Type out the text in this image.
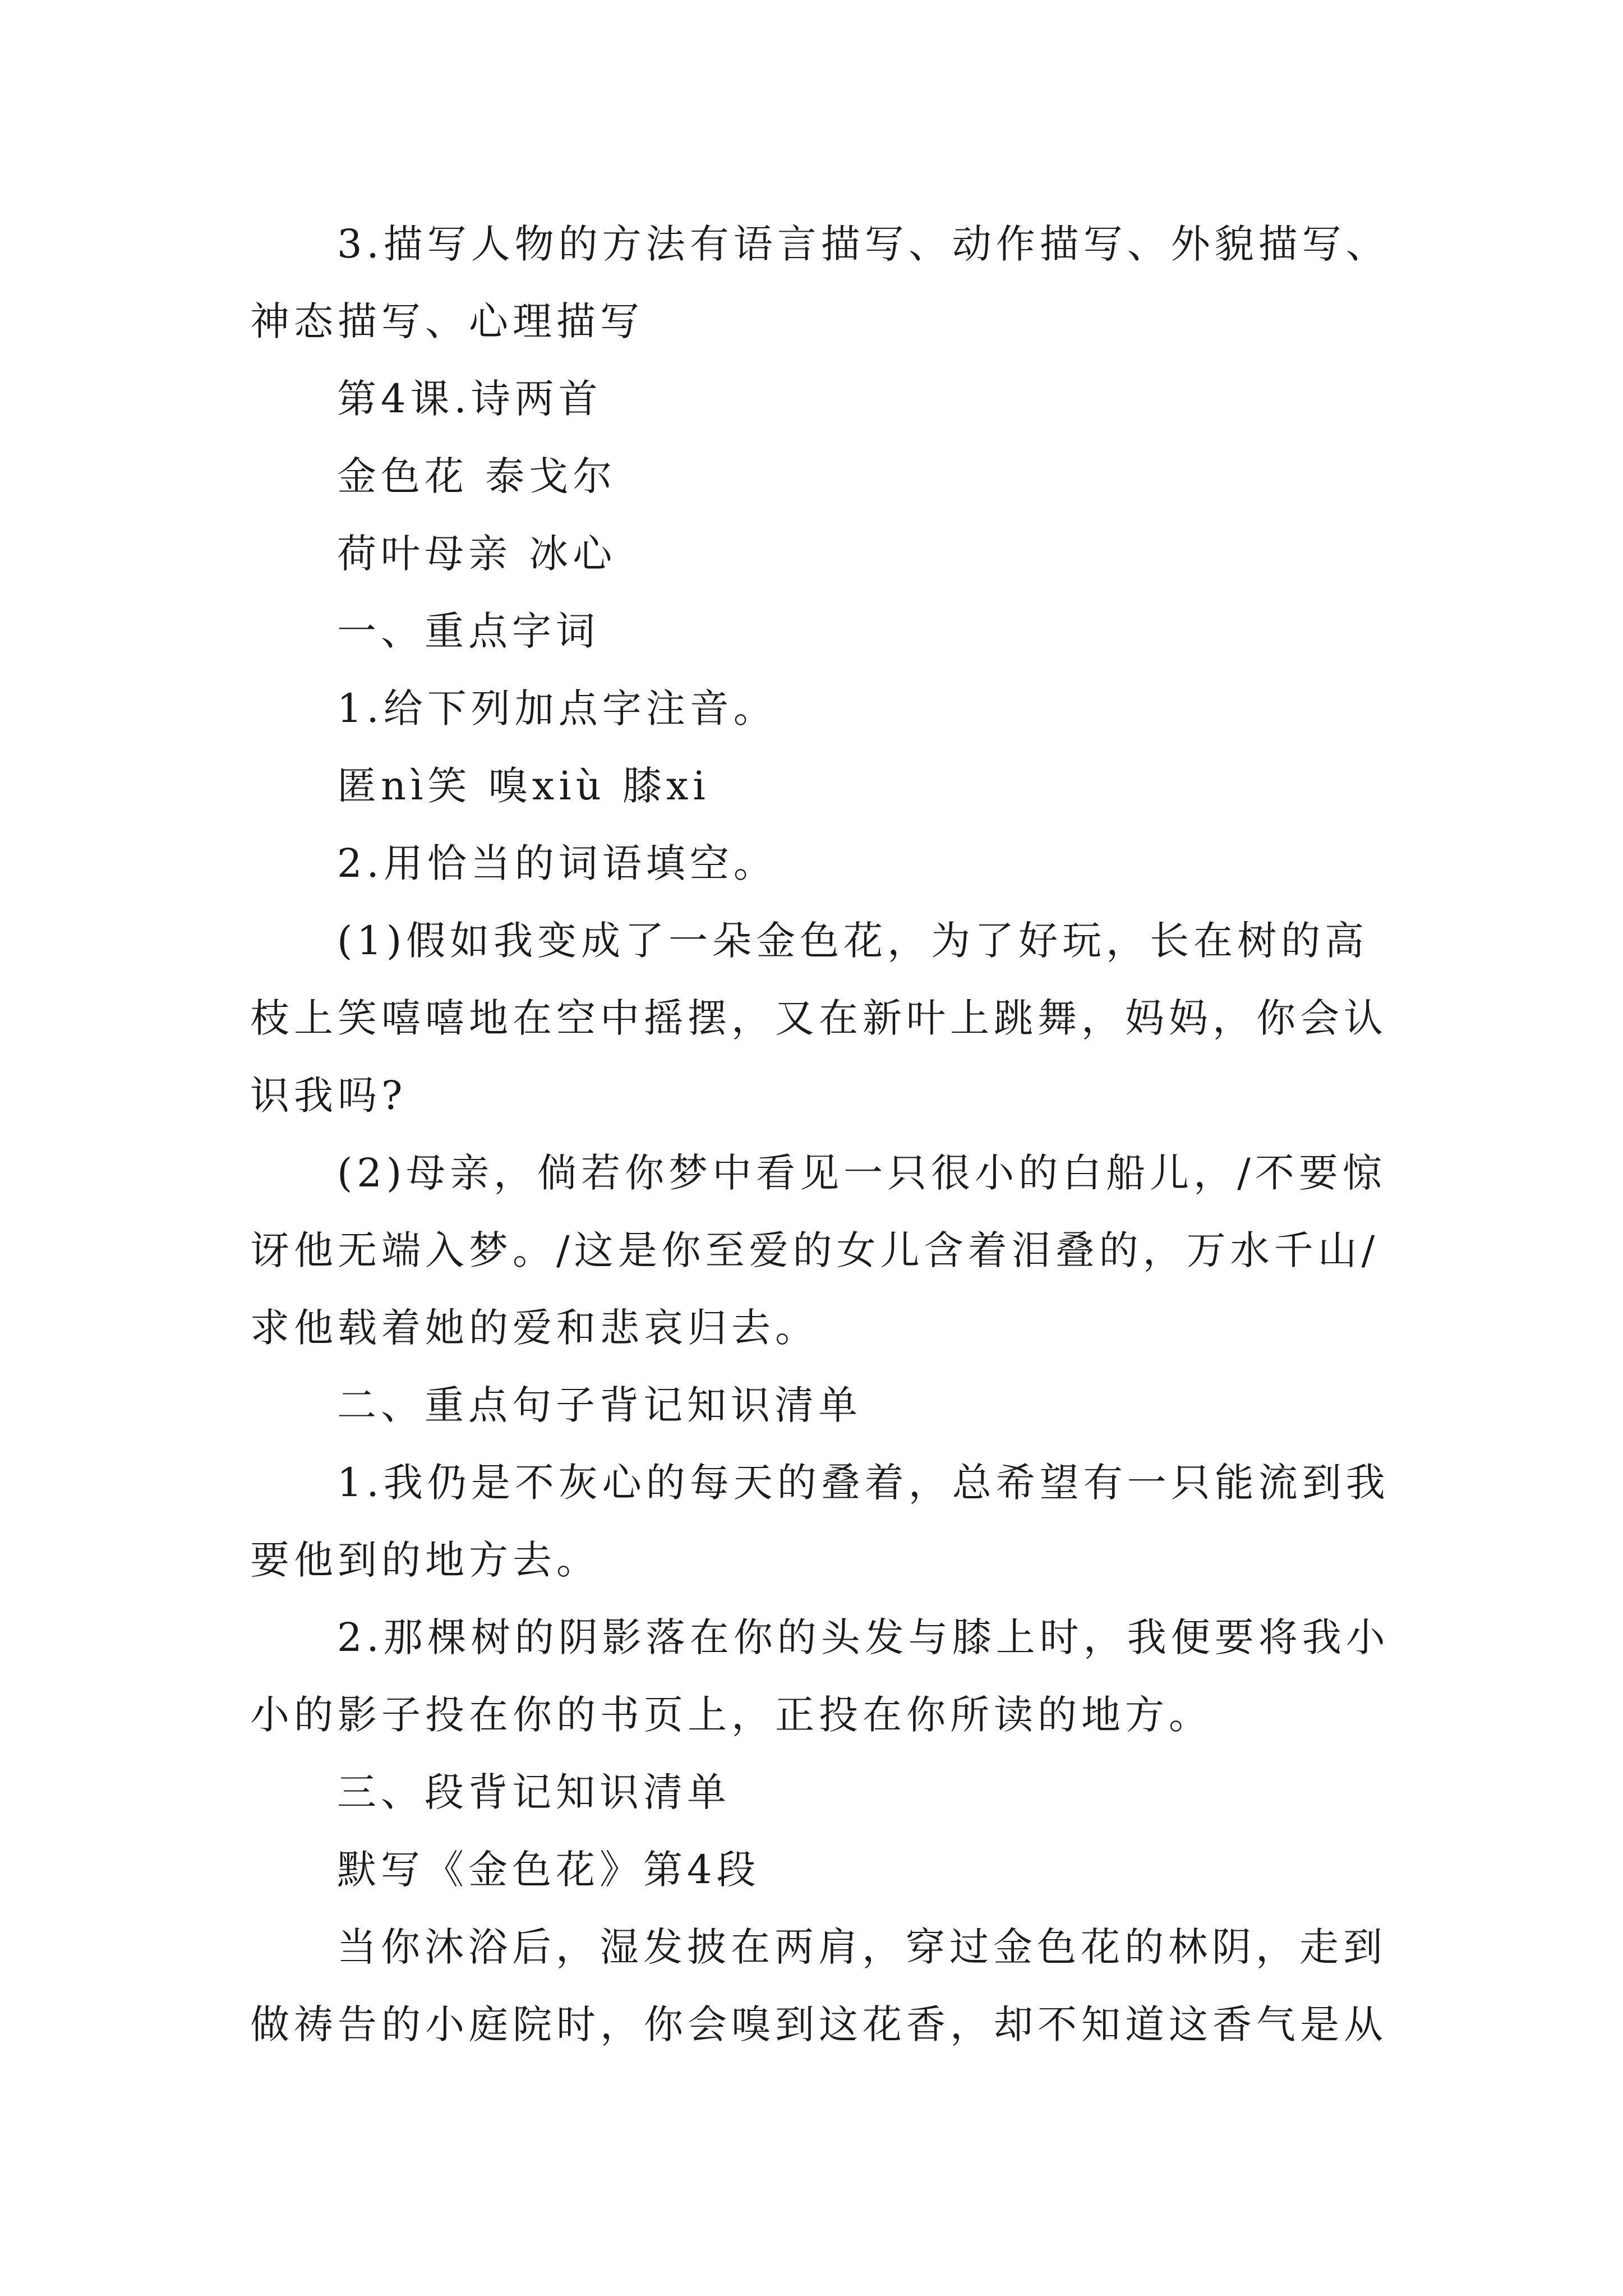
3.描写人物的方法有语言描写、动作描写、外貌描写、神态描写、心理描写

第4课.诗两首

金色花 泰戈尔

荷叶母亲 冰心

一、重点字词

1.给下列加点字注音。

匿nì笑 嗅xiù 膝xi

2.用恰当的词语填空。

(1)假如我变成了一朵金色花，为了好玩，长在树的高枝上笑嘻嘻地在空中摇摆，又在新叶上跳舞，妈妈，你会认识我吗?

(2)母亲，倘若你梦中看见一只很小的白船儿，/不要惊讶他无端入梦。/这是你至爱的女儿含着泪叠的，万水千山/求他载着她的爱和悲哀归去。

二、重点句子背记知识清单

1.我仍是不灰心的每天的叠着，总希望有一只能流到我要他到的地方去。

2.那棵树的阴影落在你的头发与膝上时，我便要将我小小的影子投在你的书页上，正投在你所读的地方。

三、段背记知识清单

默写《金色花》第4段

当你沐浴后，湿发披在两肩，穿过金色花的林阴，走到做祷告的小庭院时，你会嗅到这花香，却不知道这香气是从
